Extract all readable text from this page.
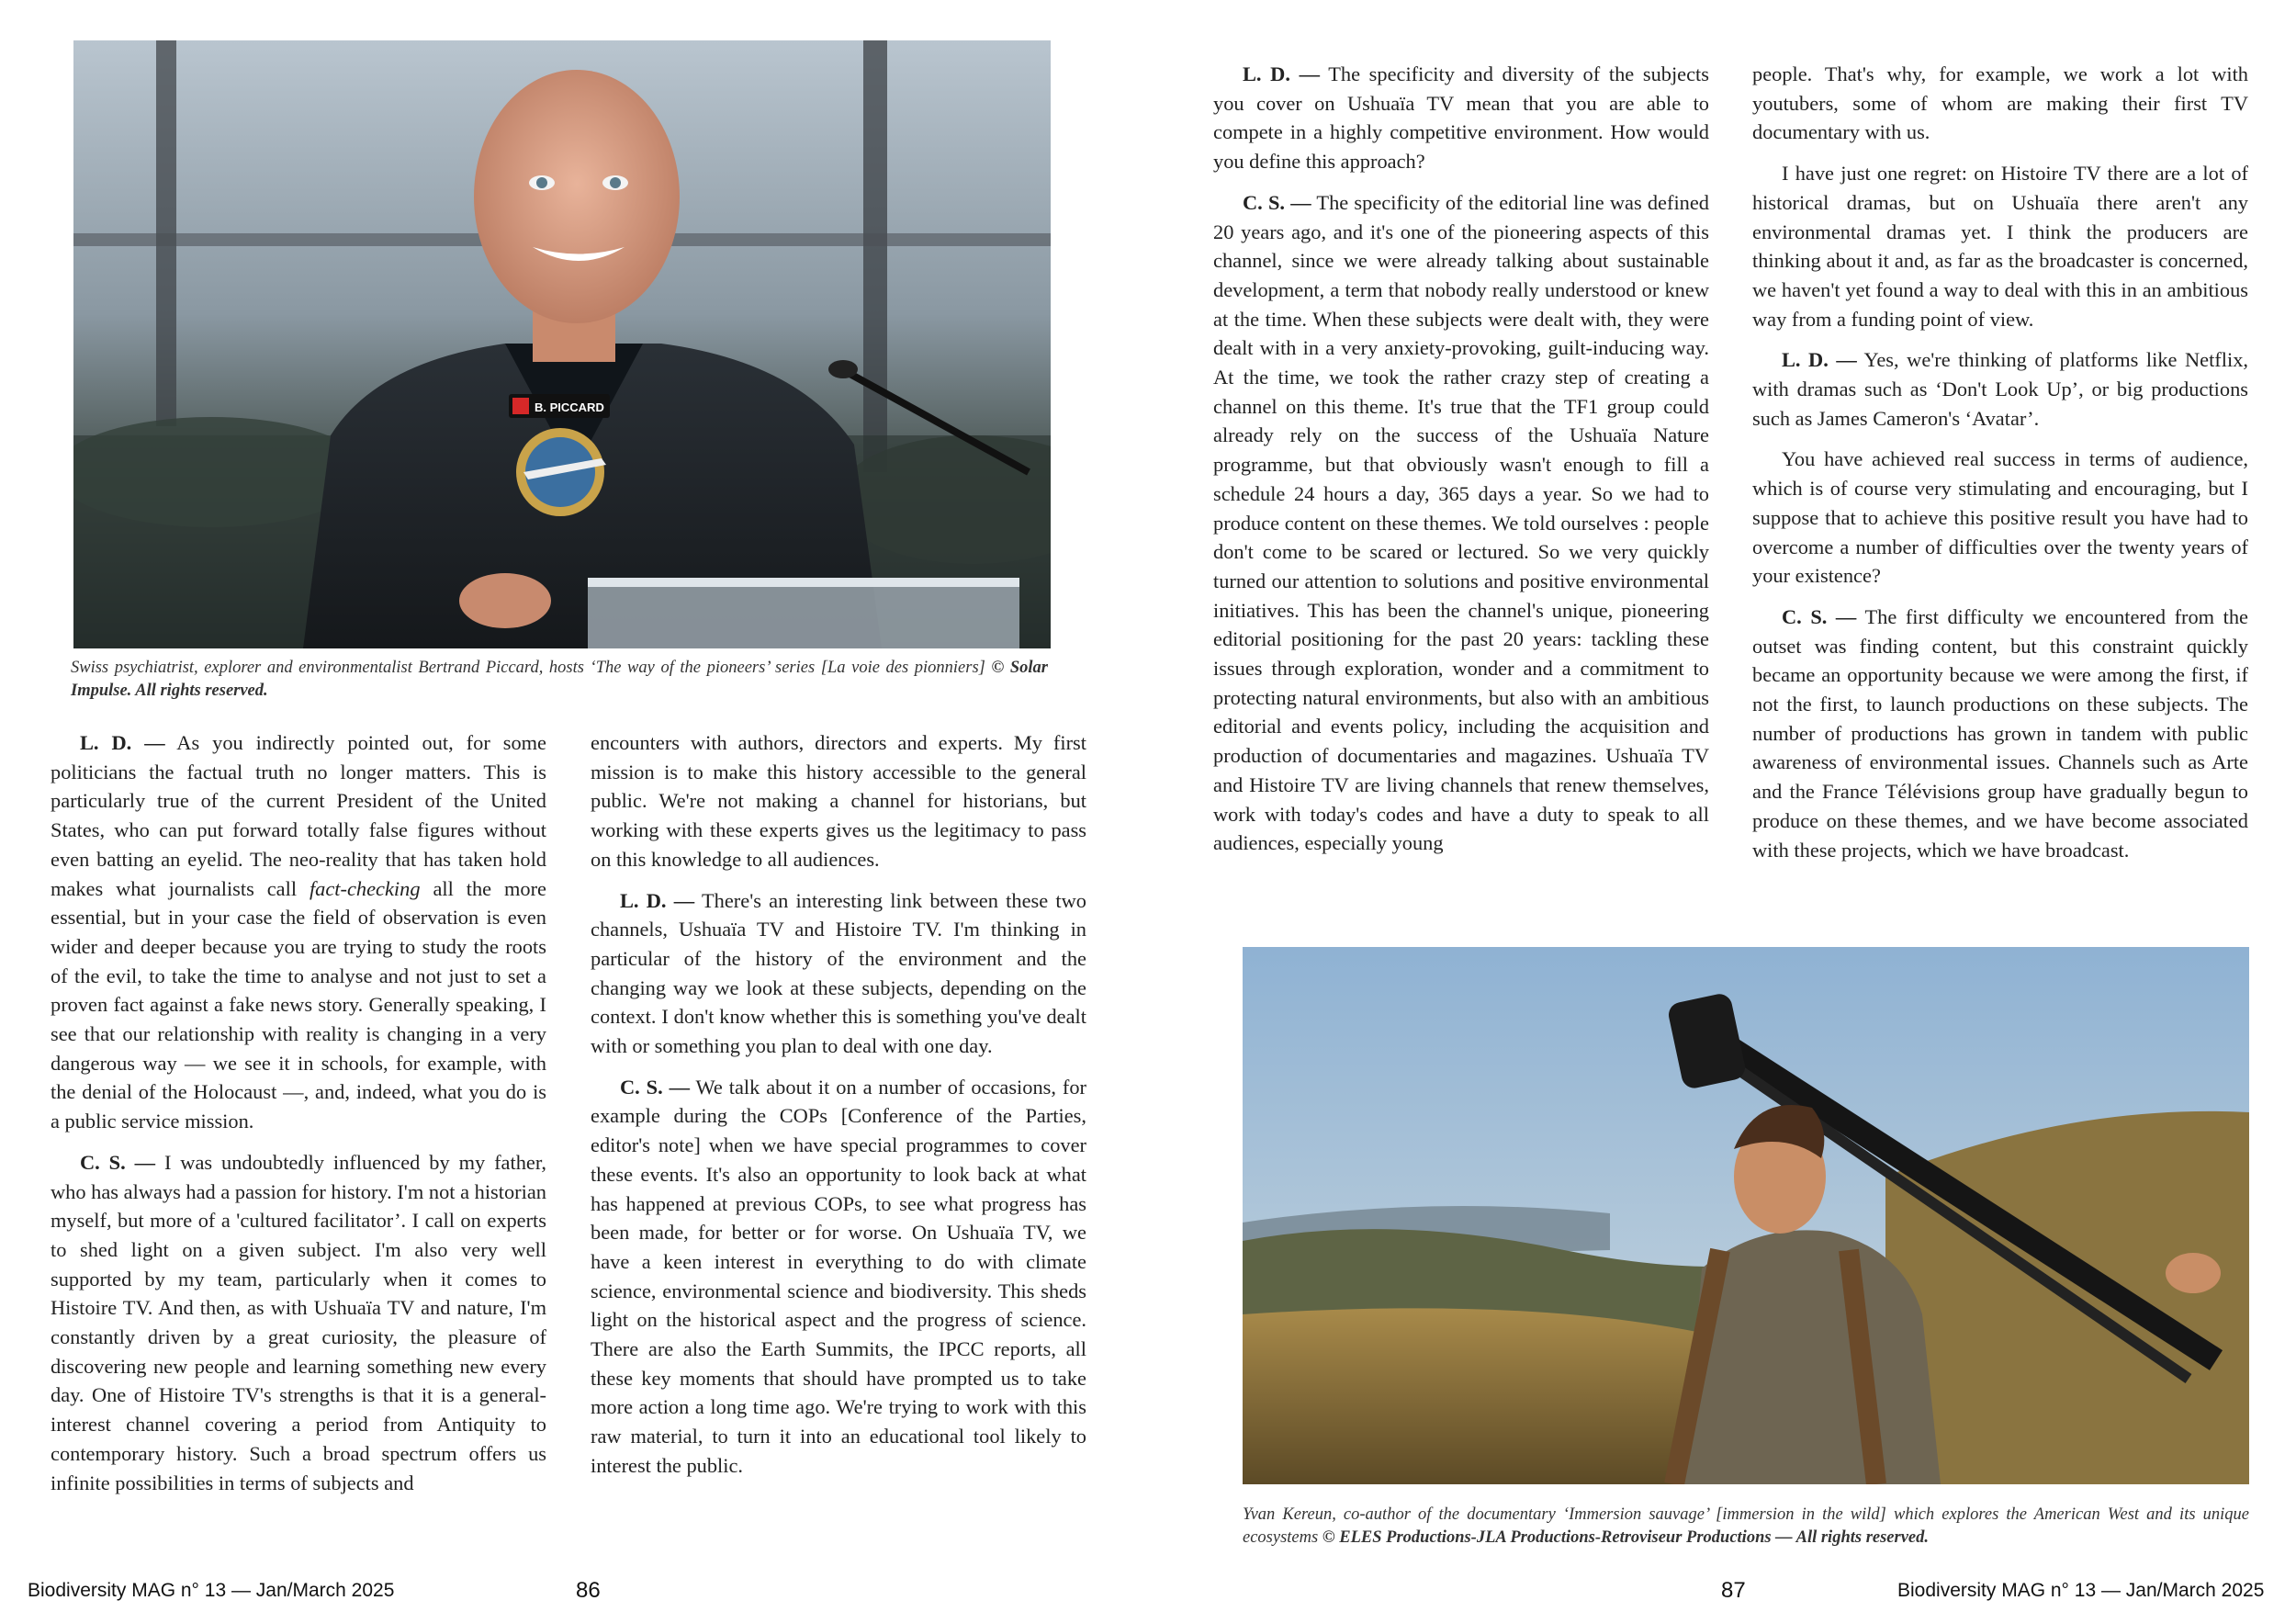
B. PICCARD
Swiss psychiatrist, explorer and environmentalist Bertrand Piccard, hosts ‘The way of the pioneers’ series [La voie des pionniers] © Solar Impulse. All rights reserved.

L. D. — As you indirectly pointed out, for some politicians the factual truth no longer matters. This is particularly true of the current President of the United States, who can put forward totally false figures without even batting an eyelid. The neo-reality that has taken hold makes what journalists call fact-checking all the more essential, but in your case the field of observation is even wider and deeper because you are trying to study the roots of the evil, to take the time to analyse and not just to set a proven fact against a fake news story. Generally speaking, I see that our relationship with reality is changing in a very dangerous way — we see it in schools, for example, with the denial of the Holocaust —, and, indeed, what you do is a public service mission.

C. S. — I was undoubtedly influenced by my father, who has always had a passion for history. I'm not a historian myself, but more of a 'cultured facilitator’. I call on experts to shed light on a given subject. I'm also very well supported by my team, particularly when it comes to Histoire TV. And then, as with Ushuaïa TV and nature, I'm constantly driven by a great curiosity, the pleasure of discovering new people and learning something new every day. One of Histoire TV's strengths is that it is a general-interest channel covering a period from Antiquity to contemporary history. Such a broad spectrum offers us infinite possibilities in terms of subjects and

encounters with authors, directors and experts. My first mission is to make this history accessible to the general public. We're not making a channel for historians, but working with these experts gives us the legitimacy to pass on this knowledge to all audiences.

L. D. — There's an interesting link between these two channels, Ushuaïa TV and Histoire TV. I'm thinking in particular of the history of the environment and the changing way we look at these subjects, depending on the context. I don't know whether this is something you've dealt with or something you plan to deal with one day.

C. S. — We talk about it on a number of occasions, for example during the COPs [Conference of the Parties, editor's note] when we have special programmes to cover these events. It's also an opportunity to look back at what has happened at previous COPs, to see what progress has been made, for better or for worse. On Ushuaïa TV, we have a keen interest in everything to do with climate science, environmental science and biodiversity. This sheds light on the historical aspect and the progress of science. There are also the Earth Summits, the IPCC reports, all these key moments that should have prompted us to take more action a long time ago. We're trying to work with this raw material, to turn it into an educational tool likely to interest the public.

Biodiversity MAG n° 13 — Jan/March 2025	86

L. D. — The specificity and diversity of the subjects you cover on Ushuaïa TV mean that you are able to compete in a highly competitive environment. How would you define this approach?

C. S. — The specificity of the editorial line was defined 20 years ago, and it's one of the pioneering aspects of this channel, since we were already talking about sustainable development, a term that nobody really understood or knew at the time. When these subjects were dealt with, they were dealt with in a very anxiety-provoking, guilt-inducing way. At the time, we took the rather crazy step of creating a channel on this theme. It's true that the TF1 group could already rely on the success of the Ushuaïa Nature programme, but that obviously wasn't enough to fill a schedule 24 hours a day, 365 days a year. So we had to produce content on these themes. We told ourselves : people don't come to be scared or lectured. So we very quickly turned our attention to solutions and positive environmental initiatives. This has been the channel's unique, pioneering editorial positioning for the past 20 years: tackling these issues through exploration, wonder and a commitment to protecting natural environments, but also with an ambitious editorial and events policy, including the acquisition and production of documentaries and magazines. Ushuaïa TV and Histoire TV are living channels that renew themselves, work with today's codes and have a duty to speak to all audiences, especially young

people. That's why, for example, we work a lot with youtubers, some of whom are making their first TV documentary with us.

I have just one regret: on Histoire TV there are a lot of historical dramas, but on Ushuaïa there aren't any environmental dramas yet. I think the producers are thinking about it and, as far as the broadcaster is concerned, we haven't yet found a way to deal with this in an ambitious way from a funding point of view.

L. D. — Yes, we're thinking of platforms like Netflix, with dramas such as ‘Don't Look Up’, or big productions such as James Cameron's ‘Avatar’.

You have achieved real success in terms of audience, which is of course very stimulating and encouraging, but I suppose that to achieve this positive result you have had to overcome a number of difficulties over the twenty years of your existence?

C. S. — The first difficulty we encountered from the outset was finding content, but this constraint quickly became an opportunity because we were among the first, if not the first, to launch productions on these subjects. The number of productions has grown in tandem with public awareness of environmental issues. Channels such as Arte and the France Télévisions group have gradually begun to produce on these themes, and we have become associated with these projects, which we have broadcast.

Yvan Kereun, co-author of the documentary ‘Immersion sauvage’ [immersion in the wild] which explores the American West and its unique ecosystems © ELES Productions-JLA Productions-Retroviseur Productions — All rights reserved.
87	Biodiversity MAG n° 13 — Jan/March 2025
